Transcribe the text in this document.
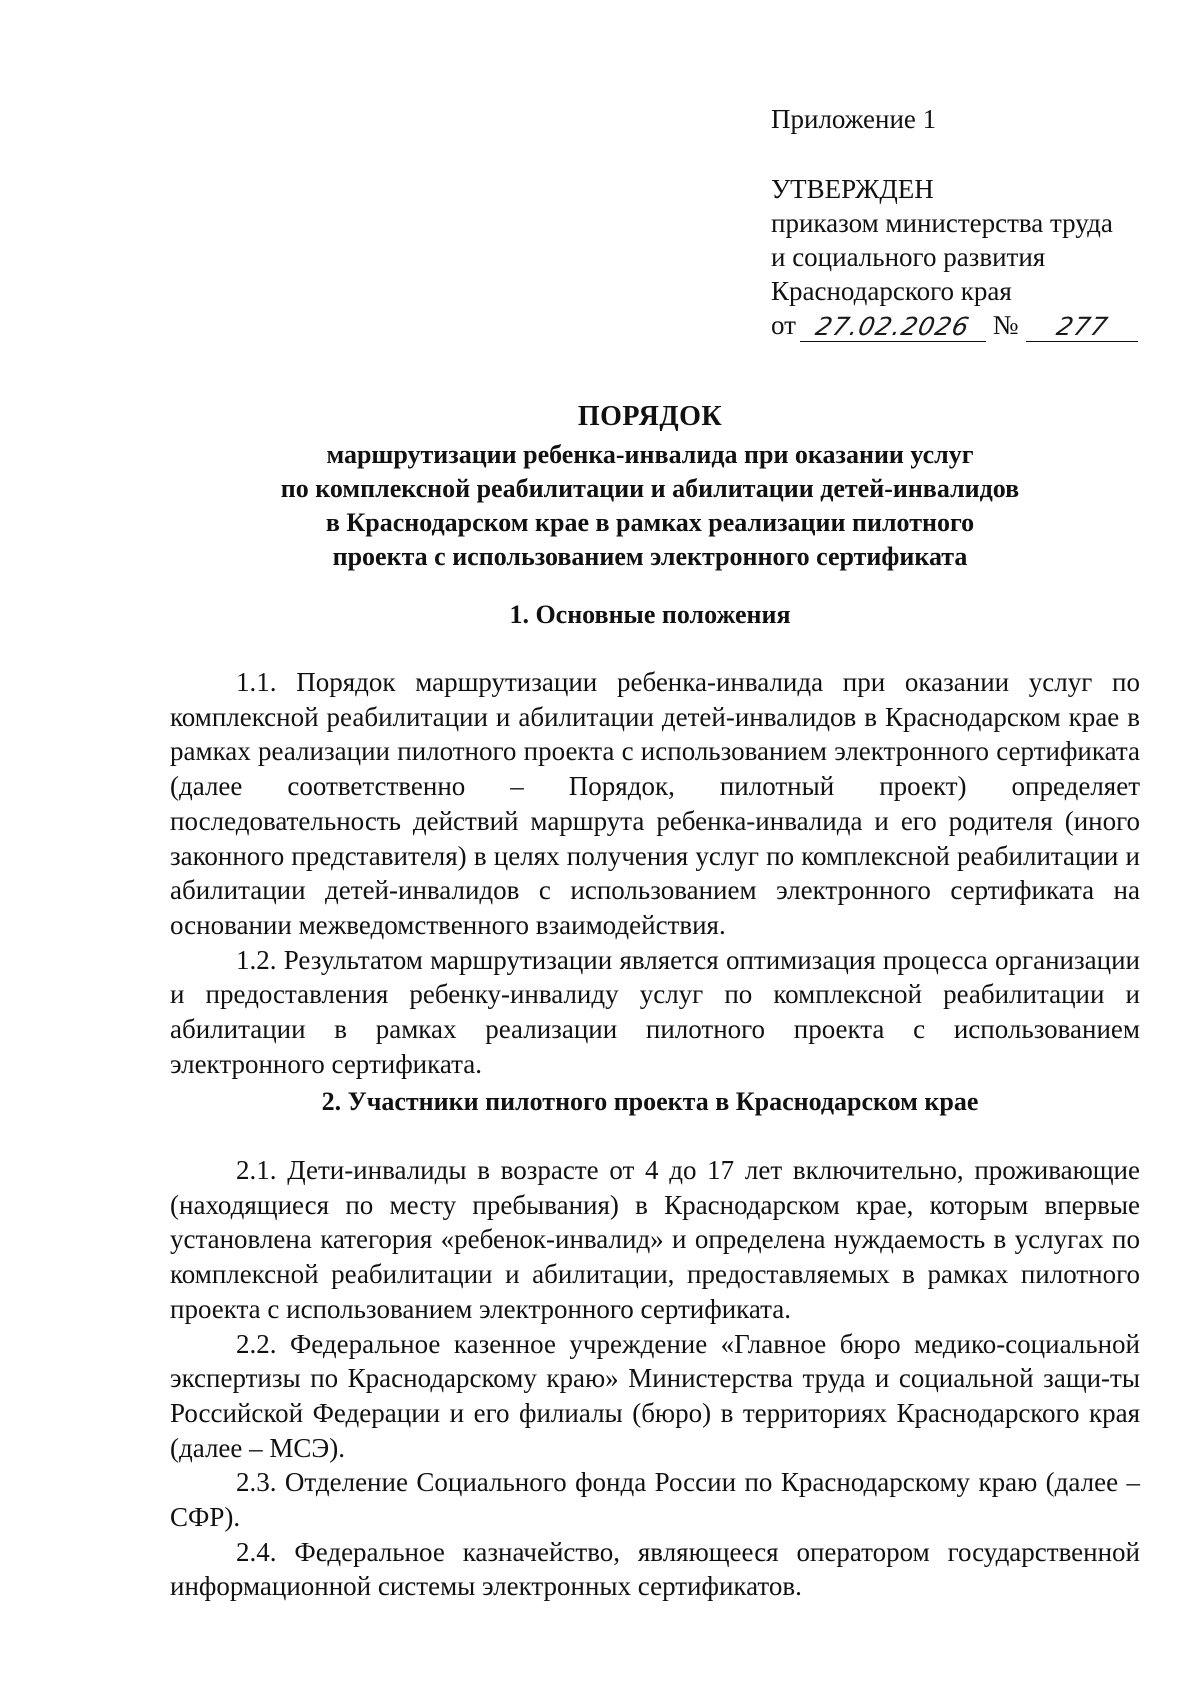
Приложение 1

УТВЕРЖДЕН

приказом министерства труда

и социального развития

Краснодарского края

от 27.02.2026 № 277

ПОРЯДОК

маршрутизации ребенка-инвалида при оказании услуг

по комплексной реабилитации и абилитации детей-инвалидов

в Краснодарском крае в рамках реализации пилотного

проекта с использованием электронного сертификата

1. Основные положения

1.1. Порядок маршрутизации ребенка-инвалида при оказании услуг по комплексной реабилитации и абилитации детей-инвалидов в Краснодарском крае в рамках реализации пилотного проекта с использованием электронного сертификата (далее соответственно – Порядок, пилотный проект) определяет последовательность действий маршрута ребенка-инвалида и его родителя (иного законного представителя) в целях получения услуг по комплексной реабилитации и абилитации детей-инвалидов с использованием электронного сертификата на основании межведомственного взаимодействия.

1.2. Результатом маршрутизации является оптимизация процесса организации и предоставления ребенку-инвалиду услуг по комплексной реабилитации и абилитации в рамках реализации пилотного проекта с использованием электронного сертификата.

2. Участники пилотного проекта в Краснодарском крае

2.1. Дети-инвалиды в возрасте от 4 до 17 лет включительно, проживающие (находящиеся по месту пребывания) в Краснодарском крае, которым впервые установлена категория «ребенок-инвалид» и определена нуждаемость в услугах по комплексной реабилитации и абилитации, предоставляемых в рамках пилотного проекта с использованием электронного сертификата.

2.2. Федеральное казенное учреждение «Главное бюро медико-социальной экспертизы по Краснодарскому краю» Министерства труда и социальной защи-ты Российской Федерации и его филиалы (бюро) в территориях Краснодарского края (далее – МСЭ).

2.3. Отделение Социального фонда России по Краснодарскому краю (далее – СФР).

2.4. Федеральное казначейство, являющееся оператором государственной информационной системы электронных сертификатов.
